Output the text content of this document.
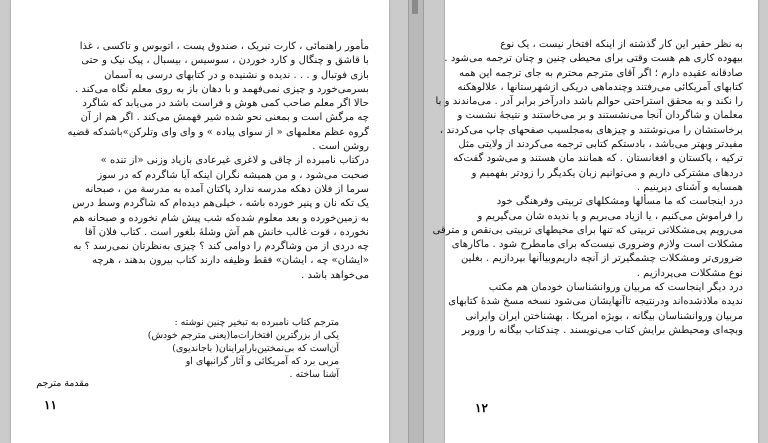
مأمور راهنمائی ، کارت تبریک ، صندوق پست ، اتوبوس و تاکسی ، غذا

با قاشق و چنگال و کارد خوردن ، سوسیس ، بیسبال ، پیک نیک و حتی

بازی فوتبال و . . . ندیده و نشنیده و در کتابهای درسی به آسمان

بسرمی‌خورد و چیزی نمی‌فهمد و با دهان باز به روی معلم نگاه می‌کند .

حالا اگر معلم صاحب کمی هوش و فراست باشد در می‌یابد که شاگرد

چه مرگش است و بمعنی نحو شده شیر فهمش می‌کند . اگر هم از آن

گروه عظم معلمهای « از سوای پیاده » و وای وای وتلرکن»باشدکه قضیه

روشن است .

درکتاب نامبرده از چاقی و لاغری غیرعادی بازیاد وزنی «از تنده »

صحبت می‌شود ، و من همیشه نگران اینکه آیا شاگردم که در سوز

سرما از فلان دهکه مدرسه ندارد پاکتان آمده به مدرسة من ، صبحانه

یک تکه نان و پنیر خورده باشه ، خیلی‌هم دیده‌ام که شاگردم وسط درس

به زمین‌خورده و بعد معلوم شده‌که شب پیش شام نخورده و صبحانه هم

نخورده ، قوت غالب خانش هم آش وشلۀ بلغور است . کتاب فلان آقا

چه دردی از من وشاگردم را دوامی کند ؟ چیزی به‌نظرتان نمی‌رسد ؟ به

«ایشان» چه ، ایشان» فقط وظیفه دارند کتاب بیرون بدهند ، هرچه

می‌خواهد باشد .

مترجم کتاب نامبرده به تبخیر چنین نوشته :

یکی از بزرگترین افتخارات‌ما(یعنی مترجم خودش)

آن‌است که بی‌نمختین‌بار‌ایر‌اینان( باجاندیوی‌)

مربی برد که آمریکائی و آثار گرانبهای او

آشنا ساخته .

مقدمة مترجم
۱۱

به نظر حقیر این کار گذشته از اینکه افتخار نیست ، یک نوع

بیهوده کاری هم هست وقتی برای محیطی چنین و چنان ترجمه می‌شود .

صادقانه عقیده دارم ؛ اگر آقای مترجم محترم به جای ترجمه این همه

کتابهای آمریکائی می‌رفتند وچندماهی دریکی ازشهرستانها ، علالوهکنه

را نکند و به محقق استراحتی حوالم باشد دادرآخر برابر آدر . می‌ماندند و با

معلمان و شاگردان آنجا می‌نشستند و بر می‌خاستند و نتیجهٔ نشست و

برخاستشان را می‌نوشتند و چیزهای به‌مجلسیب صفحهای چاپ می‌کردند ،

مفیدتر وبهتر می‌باشد ، بادستکم کتابی ترجمه می‌کردند از ولایتی مثل

ترکیه ، پاکستان و افغانستان . که همانند مان هستند و می‌شود گفت‌که

دردهای مشترکی داریم و می‌توانیم زبان یکدیگر را زودتر بفهمیم و

همسایه و آشنای دیرینیم .

درد اینجاست که ما مسألها ومشکلهای تربیتی وفرهنگی خود

را فراموش می‌کنیم ، یا ازیاد می‌بریم و یا ندیده شان می‌گیریم و

می‌رویم پی‌مشکلاتی تربیتی که تنها برای محیطهای تربیتی بی‌نقص و مترقی

مشکلات است ولازم وضروری نیست‌که برای ما‌مطرح شود . ماکارهای

ضروری‌تر ومشکلات چشمگیرتر از آنچه داریم‌وبیاآ‌نها بپردازیم . بغلین

نوع مشکلات می‌پردازیم .

درد دیگر اینجاست که مربیان وروانشناسان خودمان هم مکتب

ندیده ملاذشده‌اند ودرنتیجه تاآنهایشان می‌شود نسخه مسخ شدۀ کتابهای

مربیان وروانشناسان بیگانه ، بویژه امریکا . بهشناختن ایران وایرانی

وبچه‌ای ومحیطش برایش کتاب می‌نویسند . چندکتاب بیگانه را وروبر

۱۲
